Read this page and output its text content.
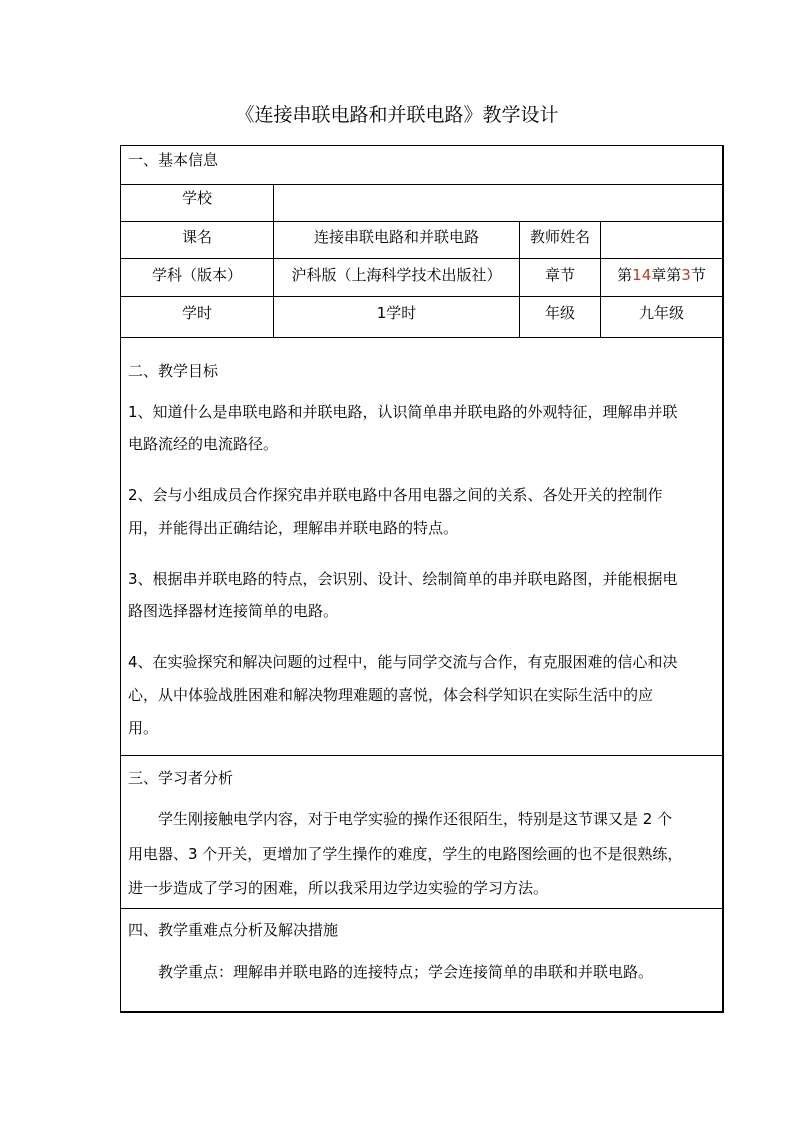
《连接串联电路和并联电路》教学设计
一、基本信息
学校
课名	连接串联电路和并联电路	教师姓名
学科（版本）	沪科版（上海科学技术出版社）	章节	第14章第3节
学时	1学时	年级	九年级
二、教学目标
1、知道什么是串联电路和并联电路，认识简单串并联电路的外观特征，理解串并联
电路流经的电流路径。
2、会与小组成员合作探究串并联电路中各用电器之间的关系、各处开关的控制作
用，并能得出正确结论，理解串并联电路的特点。
3、根据串并联电路的特点，会识别、设计、绘制简单的串并联电路图，并能根据电
路图选择器材连接简单的电路。
4、在实验探究和解决问题的过程中，能与同学交流与合作，有克服困难的信心和决
心，从中体验战胜困难和解决物理难题的喜悦，体会科学知识在实际生活中的应
用。
三、学习者分析
学生刚接触电学内容，对于电学实验的操作还很陌生，特别是这节课又是 2 个
用电器、3 个开关，更增加了学生操作的难度，学生的电路图绘画的也不是很熟练，
进一步造成了学习的困难，所以我采用边学边实验的学习方法。
四、教学重难点分析及解决措施
教学重点：理解串并联电路的连接特点；学会连接简单的串联和并联电路。
